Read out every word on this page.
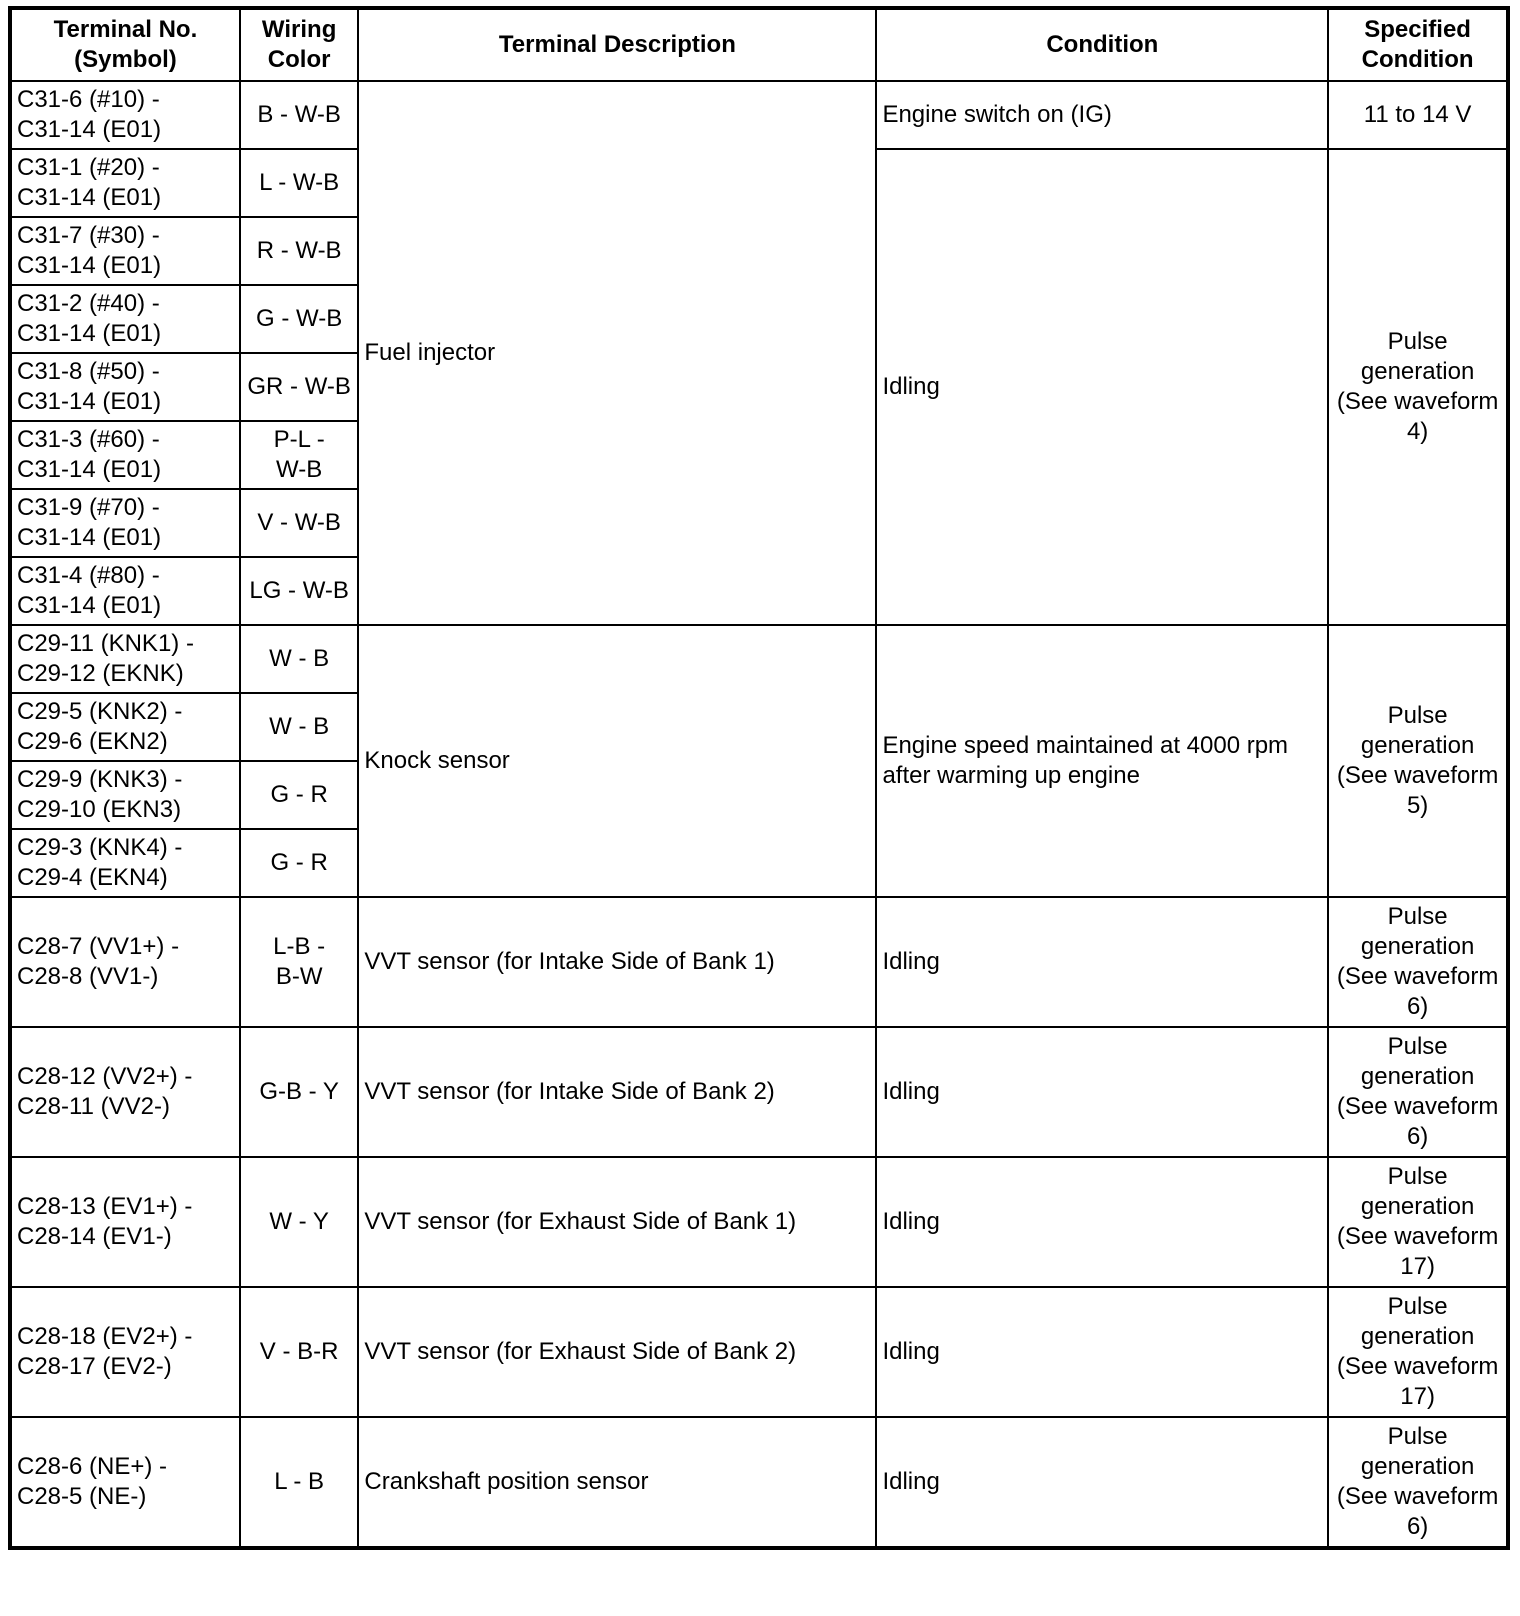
Terminal No.
(Symbol)	Wiring
Color	Terminal Description	Condition	Specified
Condition

C31-6 (#10) -
C31-14 (E01)	B - W-B	Fuel injector	Engine switch on (IG)	11 to 14 V

C31-1 (#20) -
C31-14 (E01)	L - W-B		Idling	Pulse
generation
(See waveform
4)

C31-7 (#30) -
C31-14 (E01)	R - W-B			

C31-2 (#40) -
C31-14 (E01)	G - W-B			

C31-8 (#50) -
C31-14 (E01)	GR - W-B			

C31-3 (#60) -
C31-14 (E01)	P-L -
W-B			

C31-9 (#70) -
C31-14 (E01)	V - W-B			

C31-4 (#80) -
C31-14 (E01)	LG - W-B			

C29-11 (KNK1) -
C29-12 (EKNK)	W - B	Knock sensor	Engine speed maintained at 4000 rpm
after warming up engine	Pulse
generation
(See waveform
5)

C29-5 (KNK2) -
C29-6 (EKN2)	W - B			

C29-9 (KNK3) -
C29-10 (EKN3)	G - R			

C29-3 (KNK4) -
C29-4 (EKN4)	G - R			

C28-7 (VV1+) -
C28-8 (VV1-)	L-B -
B-W	VVT sensor (for Intake Side of Bank 1)	Idling	Pulse
generation
(See waveform
6)

C28-12 (VV2+) -
C28-11 (VV2-)	G-B - Y	VVT sensor (for Intake Side of Bank 2)	Idling	Pulse
generation
(See waveform
6)

C28-13 (EV1+) -
C28-14 (EV1-)	W - Y	VVT sensor (for Exhaust Side of Bank 1)	Idling	Pulse
generation
(See waveform
17)

C28-18 (EV2+) -
C28-17 (EV2-)	V - B-R	VVT sensor (for Exhaust Side of Bank 2)	Idling	Pulse
generation
(See waveform
17)

C28-6 (NE+) -
C28-5 (NE-)	L - B	Crankshaft position sensor	Idling	Pulse
generation
(See waveform
6)
